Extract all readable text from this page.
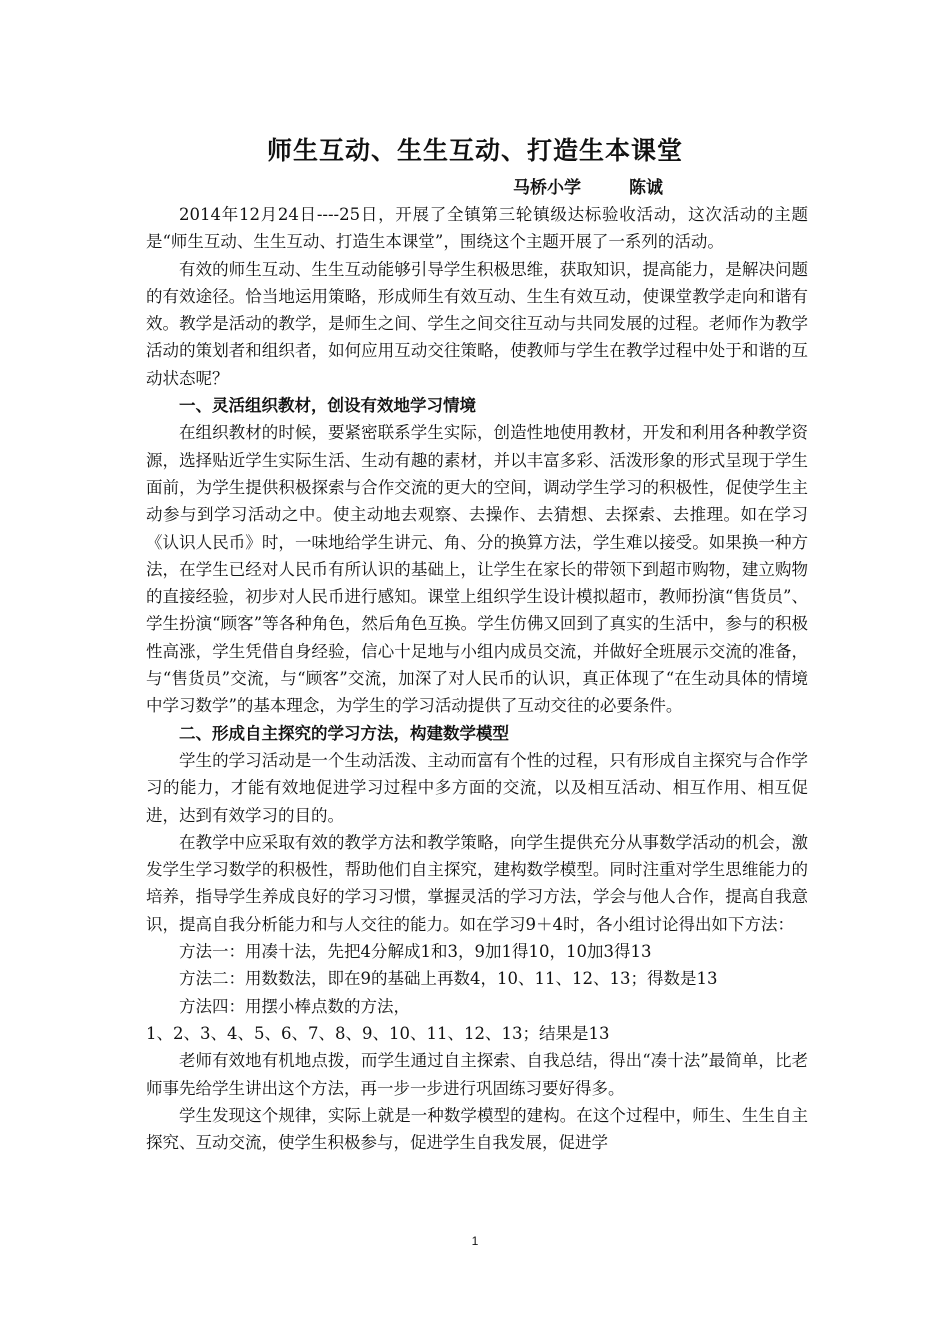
师生互动、生生互动、打造生本课堂
马桥小学	陈诚

2014年12月24日----25日，开展了全镇第三轮镇级达标验收活动，这次活动的主题是“师生互动、生生互动、打造生本课堂”，围绕这个主题开展了一系列的活动。

有效的师生互动、生生互动能够引导学生积极思维，获取知识，提高能力，是解决问题的有效途径。恰当地运用策略，形成师生有效互动、生生有效互动，使课堂教学走向和谐有效。教学是活动的教学，是师生之间、学生之间交往互动与共同发展的过程。老师作为教学活动的策划者和组织者，如何应用互动交往策略，使教师与学生在教学过程中处于和谐的互动状态呢？

一、灵活组织教材，创设有效地学习情境

在组织教材的时候，要紧密联系学生实际，创造性地使用教材，开发和利用各种教学资源，选择贴近学生实际生活、生动有趣的素材，并以丰富多彩、活泼形象的形式呈现于学生面前，为学生提供积极探索与合作交流的更大的空间，调动学生学习的积极性，促使学生主动参与到学习活动之中。使主动地去观察、去操作、去猜想、去探索、去推理。如在学习《认识人民币》时，一味地给学生讲元、角、分的换算方法，学生难以接受。如果换一种方法，在学生已经对人民币有所认识的基础上，让学生在家长的带领下到超市购物，建立购物的直接经验，初步对人民币进行感知。课堂上组织学生设计模拟超市，教师扮演“售货员”、学生扮演“顾客”等各种角色，然后角色互换。学生仿佛又回到了真实的生活中，参与的积极性高涨，学生凭借自身经验，信心十足地与小组内成员交流，并做好全班展示交流的准备，与“售货员”交流，与“顾客”交流，加深了对人民币的认识，真正体现了“在生动具体的情境中学习数学”的基本理念，为学生的学习活动提供了互动交往的必要条件。

二、形成自主探究的学习方法，构建数学模型

学生的学习活动是一个生动活泼、主动而富有个性的过程，只有形成自主探究与合作学习的能力，才能有效地促进学习过程中多方面的交流，以及相互活动、相互作用、相互促进，达到有效学习的目的。

在教学中应采取有效的教学方法和教学策略，向学生提供充分从事数学活动的机会，激发学生学习数学的积极性，帮助他们自主探究，建构数学模型。同时注重对学生思维能力的培养，指导学生养成良好的学习习惯，掌握灵活的学习方法，学会与他人合作，提高自我意识，提高自我分析能力和与人交往的能力。如在学习9＋4时，各小组讨论得出如下方法：

方法一：用凑十法，先把4分解成1和3，9加1得10，10加3得13

方法二：用数数法，即在9的基础上再数4，10、11、12、13；得数是13

方法四：用摆小棒点数的方法，

1、2、3、4、5、6、7、8、9、10、11、12、13；结果是13

老师有效地有机地点拨，而学生通过自主探索、自我总结，得出“凑十法”最简单，比老师事先给学生讲出这个方法，再一步一步进行巩固练习要好得多。

学生发现这个规律，实际上就是一种数学模型的建构。在这个过程中，师生、生生自主探究、互动交流，使学生积极参与，促进学生自我发展，促进学

1
